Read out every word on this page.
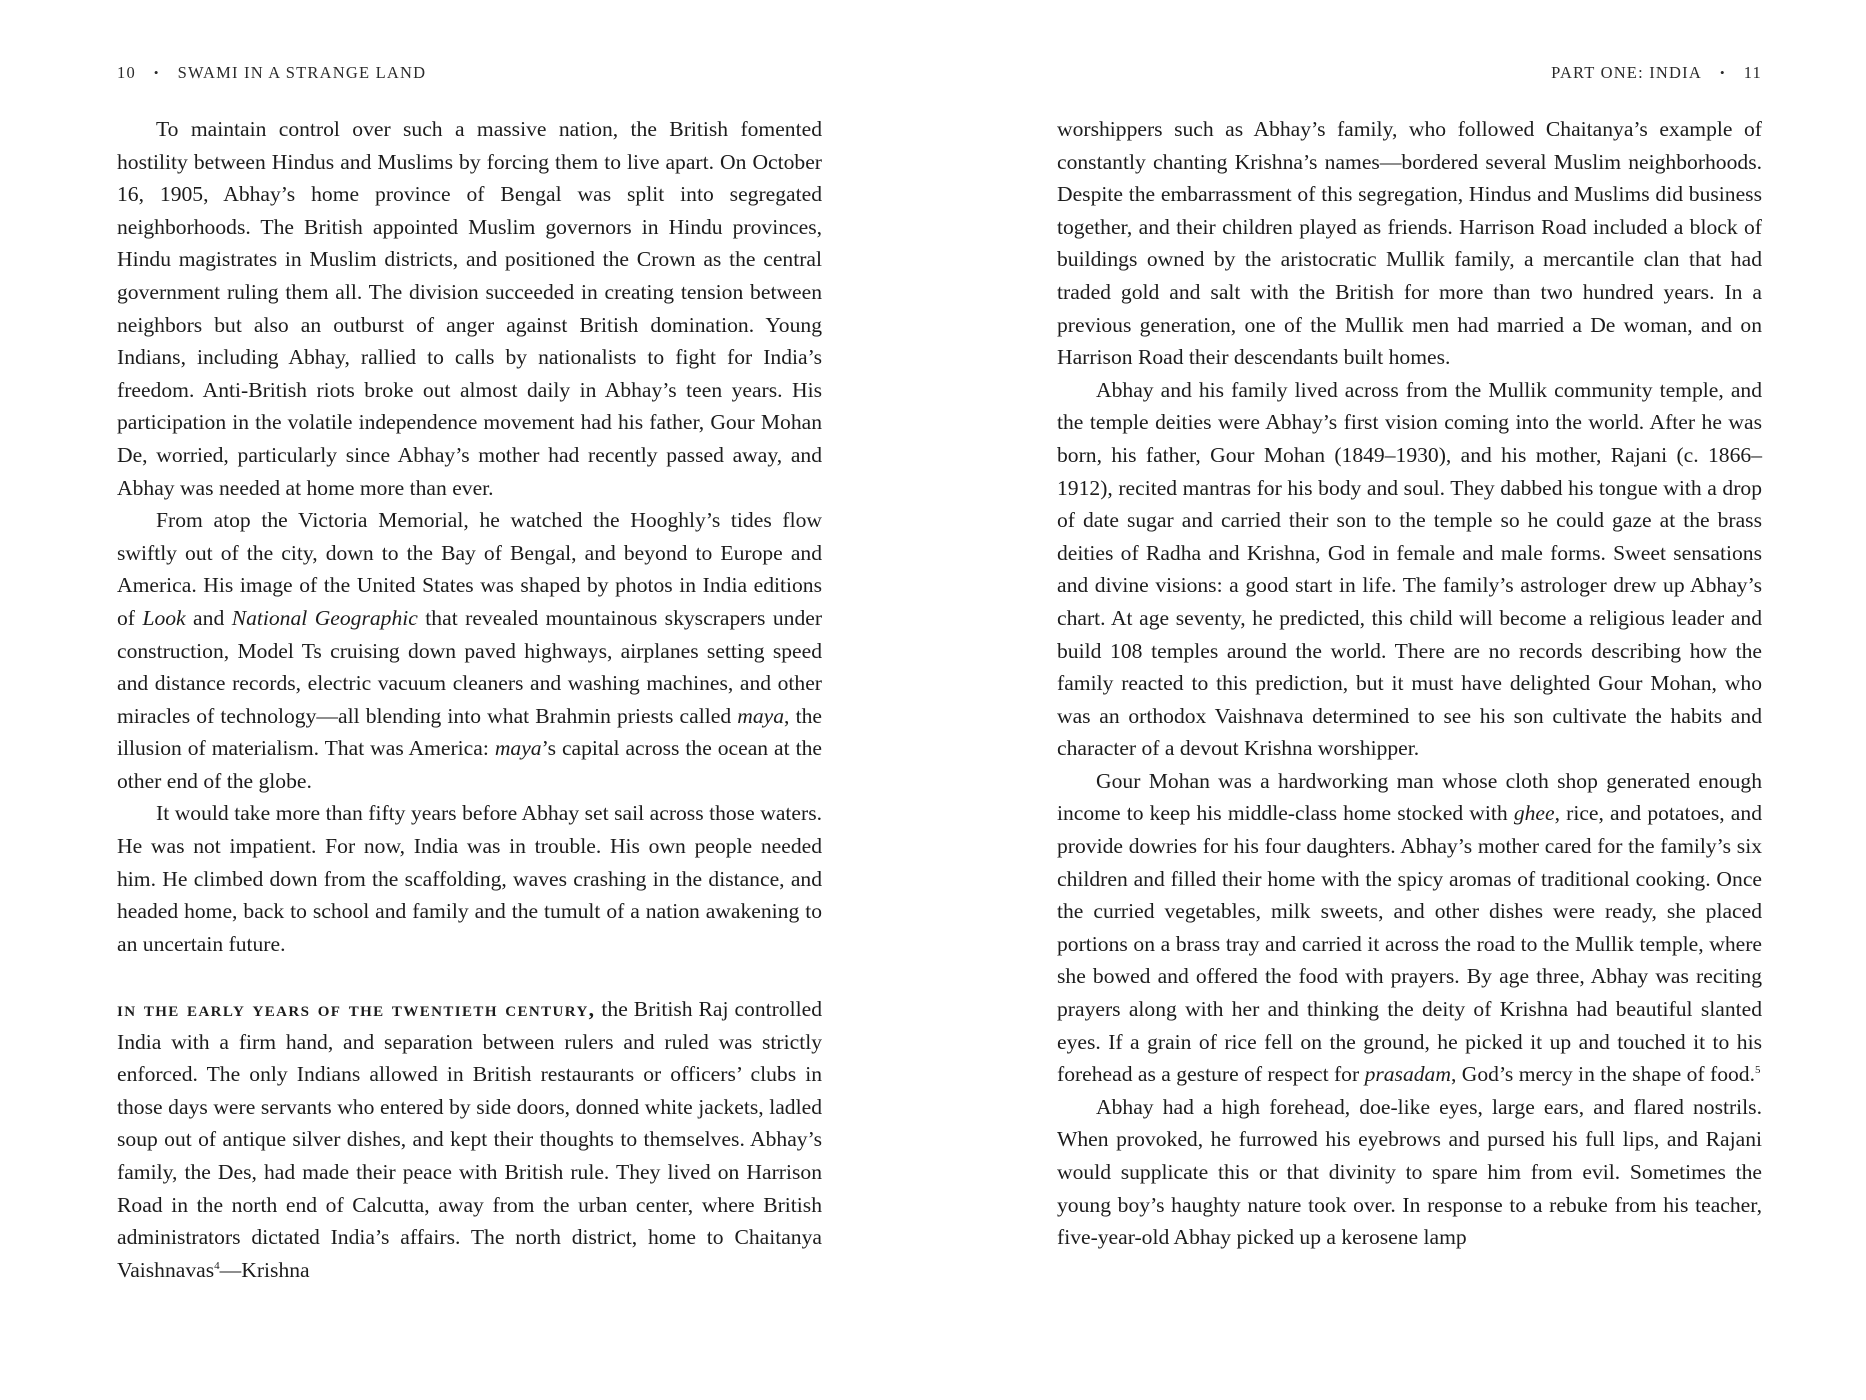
10 • SWAMI IN A STRANGE LAND

To maintain control over such a massive nation, the British fomented hostility between Hindus and Muslims by forcing them to live apart. On October 16, 1905, Abhay’s home province of Bengal was split into segregated neighborhoods. The British appointed Muslim governors in Hindu provinces, Hindu magistrates in Muslim districts, and positioned the Crown as the central government ruling them all. The division succeeded in creating tension between neighbors but also an outburst of anger against British domination. Young Indians, including Abhay, rallied to calls by nationalists to fight for India’s freedom. Anti-British riots broke out almost daily in Abhay’s teen years. His participation in the volatile independence movement had his father, Gour Mohan De, worried, particularly since Abhay’s mother had recently passed away, and Abhay was needed at home more than ever.

From atop the Victoria Memorial, he watched the Hooghly’s tides flow swiftly out of the city, down to the Bay of Bengal, and beyond to Europe and America. His image of the United States was shaped by photos in India editions of Look and National Geographic that revealed mountainous skyscrapers under construction, Model Ts cruising down paved highways, airplanes setting speed and distance records, electric vacuum cleaners and washing machines, and other miracles of technology—all blending into what Brahmin priests called maya, the illusion of materialism. That was America: maya’s capital across the ocean at the other end of the globe.

It would take more than fifty years before Abhay set sail across those waters. He was not impatient. For now, India was in trouble. His own people needed him. He climbed down from the scaffolding, waves crashing in the distance, and headed home, back to school and family and the tumult of a nation awakening to an uncertain future.

in the early years of the twentieth century, the British Raj controlled India with a firm hand, and separation between rulers and ruled was strictly enforced. The only Indians allowed in British restaurants or officers’ clubs in those days were servants who entered by side doors, donned white jackets, ladled soup out of antique silver dishes, and kept their thoughts to themselves. Abhay’s family, the Des, had made their peace with British rule. They lived on Harrison Road in the north end of Calcutta, away from the urban center, where British administrators dictated India’s affairs. The north district, home to Chaitanya Vaishnavas$^4$—Krishna

PART ONE: INDIA • 11

worshippers such as Abhay’s family, who followed Chaitanya’s example of constantly chanting Krishna’s names—bordered several Muslim neighborhoods. Despite the embarrassment of this segregation, Hindus and Muslims did business together, and their children played as friends. Harrison Road included a block of buildings owned by the aristocratic Mullik family, a mercantile clan that had traded gold and salt with the British for more than two hundred years. In a previous generation, one of the Mullik men had married a De woman, and on Harrison Road their descendants built homes.

Abhay and his family lived across from the Mullik community temple, and the temple deities were Abhay’s first vision coming into the world. After he was born, his father, Gour Mohan (1849–1930), and his mother, Rajani (c. 1866–1912), recited mantras for his body and soul. They dabbed his tongue with a drop of date sugar and carried their son to the temple so he could gaze at the brass deities of Radha and Krishna, God in female and male forms. Sweet sensations and divine visions: a good start in life. The family’s astrologer drew up Abhay’s chart. At age seventy, he predicted, this child will become a religious leader and build 108 temples around the world. There are no records describing how the family reacted to this prediction, but it must have delighted Gour Mohan, who was an orthodox Vaishnava determined to see his son cultivate the habits and character of a devout Krishna worshipper.

Gour Mohan was a hardworking man whose cloth shop generated enough income to keep his middle-class home stocked with ghee, rice, and potatoes, and provide dowries for his four daughters. Abhay’s mother cared for the family’s six children and filled their home with the spicy aromas of traditional cooking. Once the curried vegetables, milk sweets, and other dishes were ready, she placed portions on a brass tray and carried it across the road to the Mullik temple, where she bowed and offered the food with prayers. By age three, Abhay was reciting prayers along with her and thinking the deity of Krishna had beautiful slanted eyes. If a grain of rice fell on the ground, he picked it up and touched it to his forehead as a gesture of respect for prasadam, God’s mercy in the shape of food.$^5$

Abhay had a high forehead, doe-like eyes, large ears, and flared nostrils. When provoked, he furrowed his eyebrows and pursed his full lips, and Rajani would supplicate this or that divinity to spare him from evil. Sometimes the young boy’s haughty nature took over. In response to a rebuke from his teacher, five-year-old Abhay picked up a kerosene lamp
